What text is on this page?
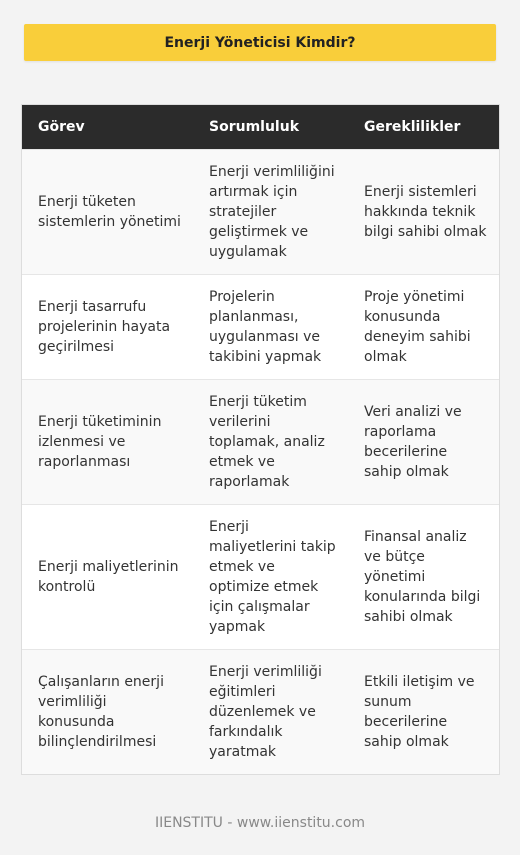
Enerji Yöneticisi Kimdir?
Görev	Sorumluluk	Gereklilikler
Enerji tüketen sistemlerin yönetimi	Enerji verimliliğini artırmak için stratejiler geliştirmek ve uygulamak	Enerji sistemleri hakkında teknik bilgi sahibi olmak
Enerji tasarrufu projelerinin hayata geçirilmesi	Projelerin planlanması, uygulanması ve takibini yapmak	Proje yönetimi konusunda deneyim sahibi olmak
Enerji tüketiminin izlenmesi ve raporlanması	Enerji tüketim verilerini toplamak, analiz etmek ve raporlamak	Veri analizi ve raporlama becerilerine sahip olmak
Enerji maliyetlerinin kontrolü	Enerji maliyetlerini takip etmek ve optimize etmek için çalışmalar yapmak	Finansal analiz ve bütçe yönetimi konularında bilgi sahibi olmak
Çalışanların enerji verimliliği konusunda bilinçlendirilmesi	Enerji verimliliği eğitimleri düzenlemek ve farkındalık yaratmak	Etkili iletişim ve sunum becerilerine sahip olmak
IIENSTITU - www.iienstitu.com
